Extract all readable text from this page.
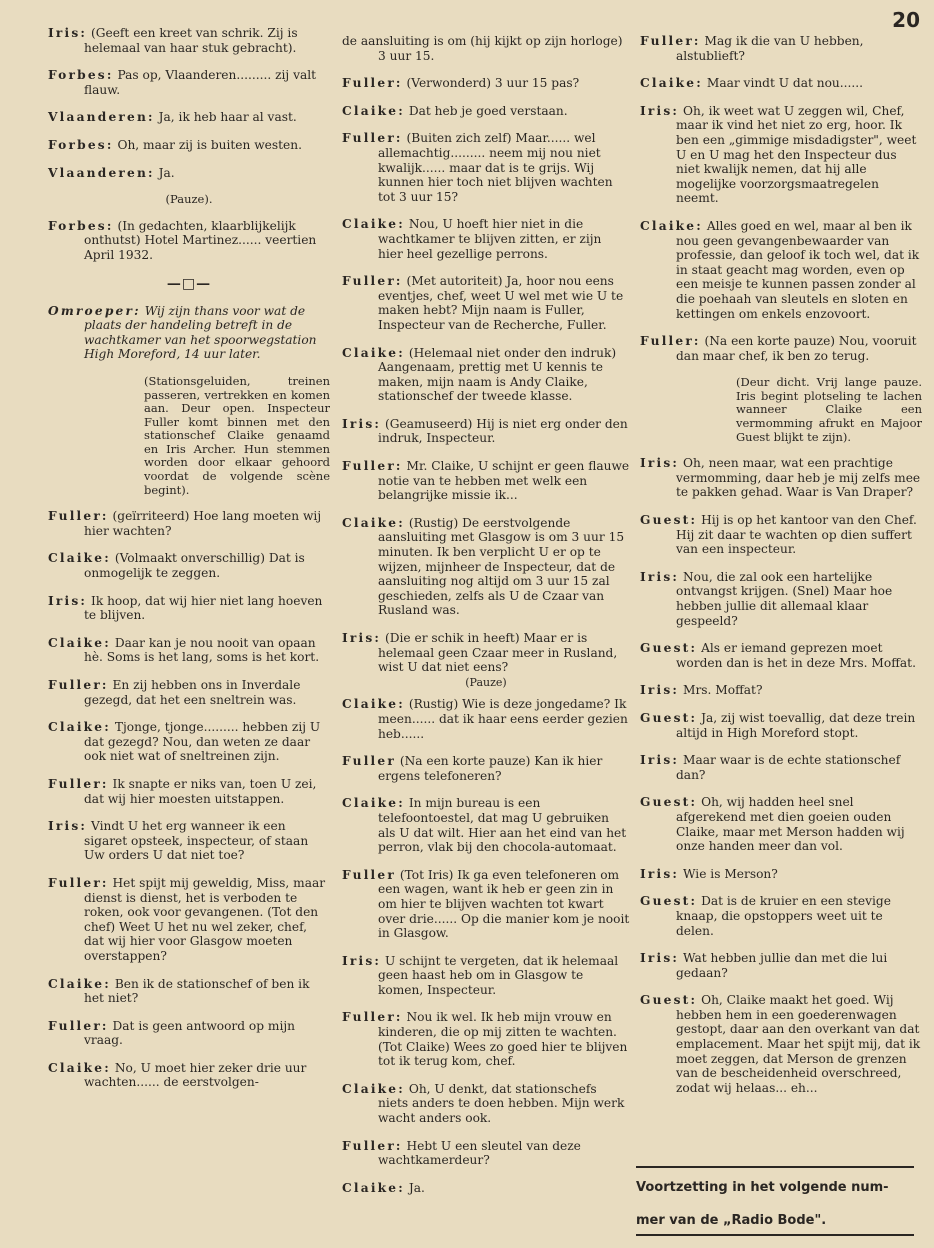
20
Iris: (Geeft een kreet van schrik. Zij is helemaal van haar stuk gebracht).
Forbes: Pas op, Vlaanderen......... zij valt flauw.
Vlaanderen: Ja, ik heb haar al vast.
Forbes: Oh, maar zij is buiten westen.
Vlaanderen: Ja.
(Pauze).
Forbes: (In gedachten, klaarblijkelijk onthutst) Hotel Martinez...... veertien April 1932.
—□—
Omroeper: Wij zijn thans voor wat de plaats der handeling betreft in de wachtkamer van het spoorwegstation High Moreford, 14 uur later.
(Stationsgeluiden, treinen passeren, vertrekken en komen aan. Deur open. Inspecteur Fuller komt binnen met den stationschef Claike genaamd en Iris Archer. Hun stemmen worden door elkaar gehoord voordat de volgende scène begint).
Fuller: (geïrriteerd) Hoe lang moeten wij hier wachten?
Claike: (Volmaakt onverschillig) Dat is onmogelijk te zeggen.
Iris: Ik hoop, dat wij hier niet lang hoeven te blijven.
Claike: Daar kan je nou nooit van opaan hè. Soms is het lang, soms is het kort.
Fuller: En zij hebben ons in Inverdale gezegd, dat het een sneltrein was.
Claike: Tjonge, tjonge......... hebben zij U dat gezegd? Nou, dan weten ze daar ook niet wat of sneltreinen zijn.
Fuller: Ik snapte er niks van, toen U zei, dat wij hier moesten uitstappen.
Iris: Vindt U het erg wanneer ik een sigaret opsteek, inspecteur, of staan Uw orders U dat niet toe?
Fuller: Het spijt mij geweldig, Miss, maar dienst is dienst, het is verboden te roken, ook voor gevangenen. (Tot den chef) Weet U het nu wel zeker, chef, dat wij hier voor Glasgow moeten overstappen?
Claike: Ben ik de stationschef of ben ik het niet?
Fuller: Dat is geen antwoord op mijn vraag.
Claike: No, U moet hier zeker drie uur wachten...... de eerstvolgen-
de aansluiting is om (hij kijkt op zijn horloge) 3 uur 15.
Fuller: (Verwonderd) 3 uur 15 pas?
Claike: Dat heb je goed verstaan.
Fuller: (Buiten zich zelf) Maar...... wel allemachtig......... neem mij nou niet kwalijk...... maar dat is te grijs. Wij kunnen hier toch niet blijven wachten tot 3 uur 15?
Claike: Nou, U hoeft hier niet in die wachtkamer te blijven zitten, er zijn hier heel gezellige perrons.
Fuller: (Met autoriteit) Ja, hoor nou eens eventjes, chef, weet U wel met wie U te maken hebt? Mijn naam is Fuller, Inspecteur van de Recherche, Fuller.
Claike: (Helemaal niet onder den indruk) Aangenaam, prettig met U kennis te maken, mijn naam is Andy Claike, stationschef der tweede klasse.
Iris: (Geamuseerd) Hij is niet erg onder den indruk, Inspecteur.
Fuller: Mr. Claike, U schijnt er geen flauwe notie van te hebben met welk een belangrijke missie ik...
Claike: (Rustig) De eerstvolgende aansluiting met Glasgow is om 3 uur 15 minuten. Ik ben verplicht U er op te wijzen, mijnheer de Inspecteur, dat de aansluiting nog altijd om 3 uur 15 zal geschieden, zelfs als U de Czaar van Rusland was.
Iris: (Die er schik in heeft) Maar er is helemaal geen Czaar meer in Rusland, wist U dat niet eens?
(Pauze)
Claike: (Rustig) Wie is deze jongedame? Ik meen...... dat ik haar eens eerder gezien heb......
Fuller (Na een korte pauze) Kan ik hier ergens telefoneren?
Claike: In mijn bureau is een telefoontoestel, dat mag U gebruiken als U dat wilt. Hier aan het eind van het perron, vlak bij den chocola-automaat.
Fuller (Tot Iris) Ik ga even telefoneren om een wagen, want ik heb er geen zin in om hier te blijven wachten tot kwart over drie...... Op die manier kom je nooit in Glasgow.
Iris: U schijnt te vergeten, dat ik helemaal geen haast heb om in Glasgow te komen, Inspecteur.
Fuller: Nou ik wel. Ik heb mijn vrouw en kinderen, die op mij zitten te wachten. (Tot Claike) Wees zo goed hier te blijven tot ik terug kom, chef.
Claike: Oh, U denkt, dat stationschefs niets anders te doen hebben. Mijn werk wacht anders ook.
Fuller: Hebt U een sleutel van deze wachtkamerdeur?
Claike: Ja.
Fuller: Mag ik die van U hebben, alstublieft?
Claike: Maar vindt U dat nou......
Iris: Oh, ik weet wat U zeggen wil, Chef, maar ik vind het niet zo erg, hoor. Ik ben een „gimmige misdadigster", weet U en U mag het den Inspecteur dus niet kwalijk nemen, dat hij alle mogelijke voorzorgsmaatregelen neemt.
Claike: Alles goed en wel, maar al ben ik nou geen gevangenbewaarder van professie, dan geloof ik toch wel, dat ik in staat geacht mag worden, even op een meisje te kunnen passen zonder al die poehaah van sleutels en sloten en kettingen om enkels enzovoort.
Fuller: (Na een korte pauze) Nou, vooruit dan maar chef, ik ben zo terug.
(Deur dicht. Vrij lange pauze. Iris begint plotseling te lachen wanneer Claike een vermomming afrukt en Majoor Guest blijkt te zijn).
Iris: Oh, neen maar, wat een prachtige vermomming, daar heb je mij zelfs mee te pakken gehad. Waar is Van Draper?
Guest: Hij is op het kantoor van den Chef. Hij zit daar te wachten op dien suffert van een inspecteur.
Iris: Nou, die zal ook een hartelijke ontvangst krijgen. (Snel) Maar hoe hebben jullie dit allemaal klaar gespeeld?
Guest: Als er iemand geprezen moet worden dan is het in deze Mrs. Moffat.
Iris: Mrs. Moffat?
Guest: Ja, zij wist toevallig, dat deze trein altijd in High Moreford stopt.
Iris: Maar waar is de echte stationschef dan?
Guest: Oh, wij hadden heel snel afgerekend met dien goeien ouden Claike, maar met Merson hadden wij onze handen meer dan vol.
Iris: Wie is Merson?
Guest: Dat is de kruier en een stevige knaap, die opstoppers weet uit te delen.
Iris: Wat hebben jullie dan met die lui gedaan?
Guest: Oh, Claike maakt het goed. Wij hebben hem in een goederenwagen gestopt, daar aan den overkant van dat emplacement. Maar het spijt mij, dat ik moet zeggen, dat Merson de grenzen van de bescheidenheid overschreed, zodat wij helaas... eh...
Voortzetting in het volgende num-
mer van de „Radio Bode".
